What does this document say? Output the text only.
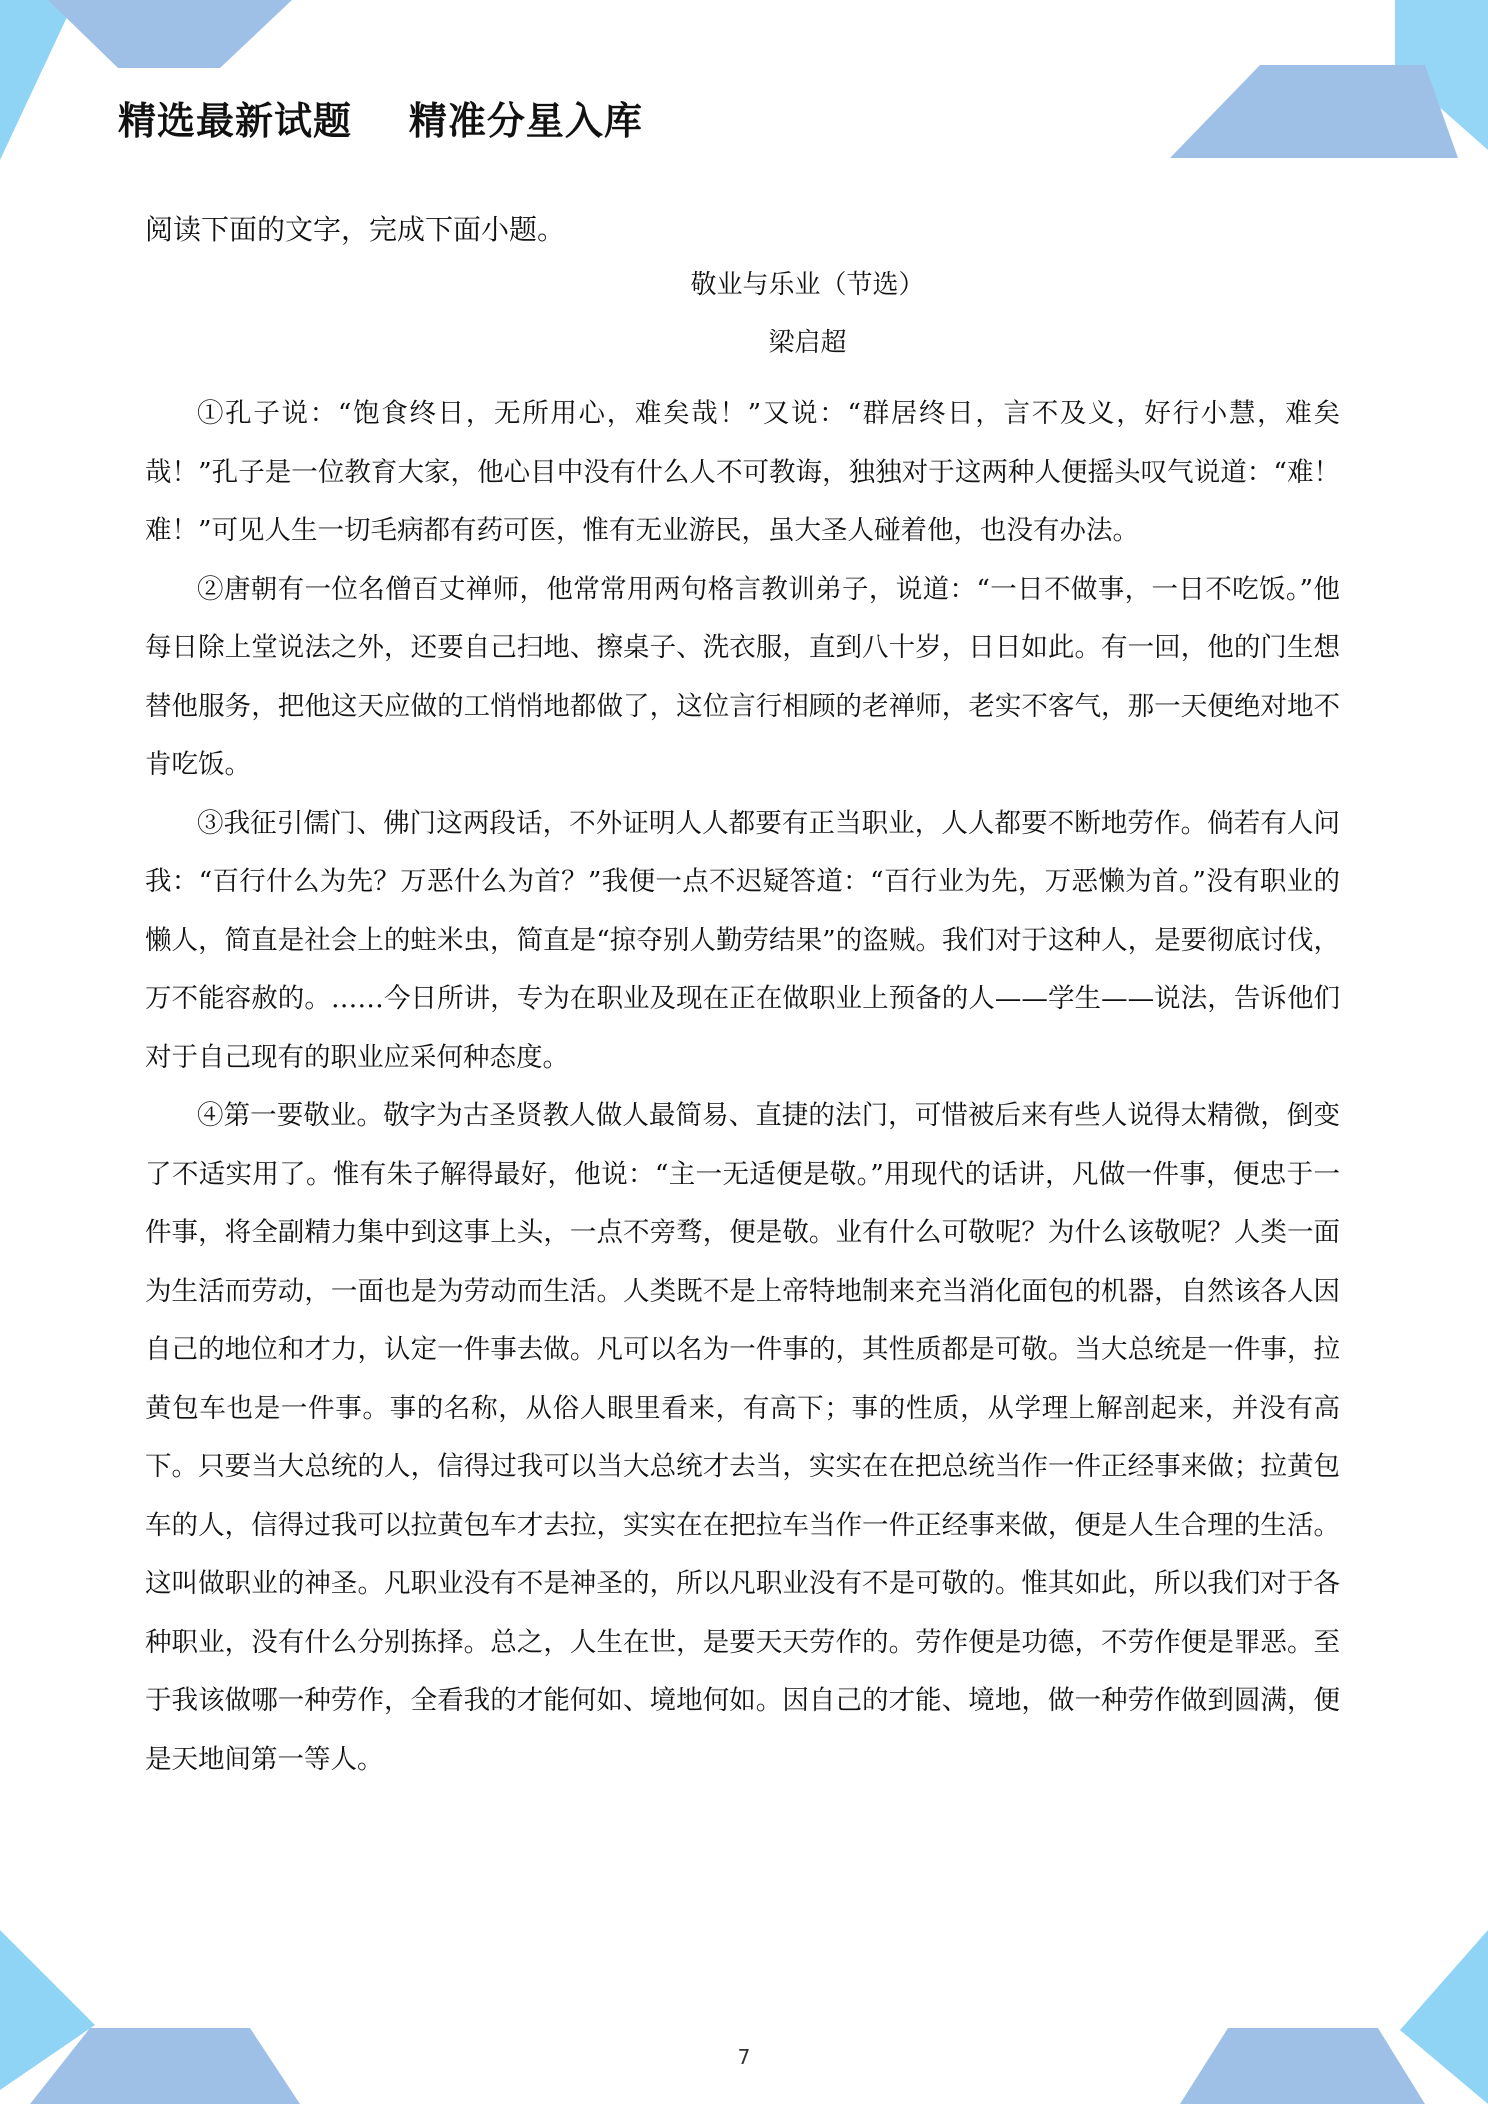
精选最新试题    精准分星入库

阅读下面的文字，完成下面小题。

敬业与乐业（节选）

梁启超

①孔子说：“饱食终日，无所用心，难矣哉！”又说：“群居终日，言不及义，好行小慧，难矣哉！”孔子是一位教育大家，他心目中没有什么人不可教诲，独独对于这两种人便摇头叹气说道：“难！难！”可见人生一切毛病都有药可医，惟有无业游民，虽大圣人碰着他，也没有办法。

②唐朝有一位名僧百丈禅师，他常常用两句格言教训弟子，说道：“一日不做事，一日不吃饭。”他每日除上堂说法之外，还要自己扫地、擦桌子、洗衣服，直到八十岁，日日如此。有一回，他的门生想替他服务，把他这天应做的工悄悄地都做了，这位言行相顾的老禅师，老实不客气，那一天便绝对地不肯吃饭。

③我征引儒门、佛门这两段话，不外证明人人都要有正当职业，人人都要不断地劳作。倘若有人问我：“百行什么为先？万恶什么为首？”我便一点不迟疑答道：“百行业为先，万恶懒为首。”没有职业的懒人，简直是社会上的蛀米虫，简直是“掠夺别人勤劳结果”的盗贼。我们对于这种人，是要彻底讨伐，万不能容赦的。……今日所讲，专为在职业及现在正在做职业上预备的人——学生——说法，告诉他们对于自己现有的职业应采何种态度。

④第一要敬业。敬字为古圣贤教人做人最简易、直捷的法门，可惜被后来有些人说得太精微，倒变了不适实用了。惟有朱子解得最好，他说：“主一无适便是敬。”用现代的话讲，凡做一件事，便忠于一件事，将全副精力集中到这事上头，一点不旁骛，便是敬。业有什么可敬呢？为什么该敬呢？人类一面为生活而劳动，一面也是为劳动而生活。人类既不是上帝特地制来充当消化面包的机器，自然该各人因自己的地位和才力，认定一件事去做。凡可以名为一件事的，其性质都是可敬。当大总统是一件事，拉黄包车也是一件事。事的名称，从俗人眼里看来，有高下；事的性质，从学理上解剖起来，并没有高下。只要当大总统的人，信得过我可以当大总统才去当，实实在在把总统当作一件正经事来做；拉黄包车的人，信得过我可以拉黄包车才去拉，实实在在把拉车当作一件正经事来做，便是人生合理的生活。这叫做职业的神圣。凡职业没有不是神圣的，所以凡职业没有不是可敬的。惟其如此，所以我们对于各种职业，没有什么分别拣择。总之，人生在世，是要天天劳作的。劳作便是功德，不劳作便是罪恶。至于我该做哪一种劳作，全看我的才能何如、境地何如。因自己的才能、境地，做一种劳作做到圆满，便是天地间第一等人。

7
